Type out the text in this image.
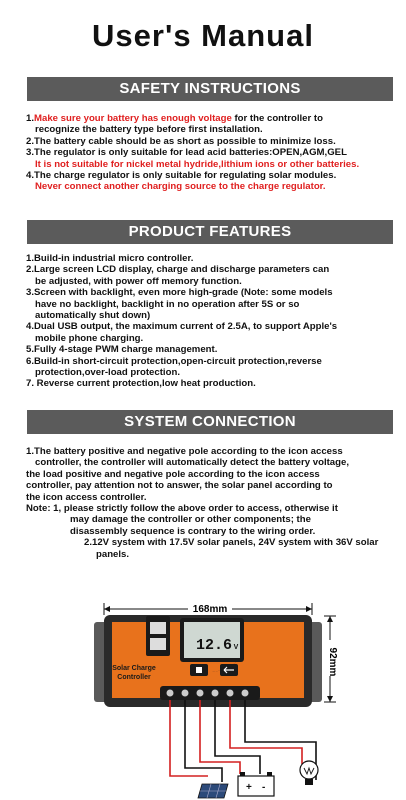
User's Manual
SAFETY INSTRUCTIONS

1.Make sure your battery has enough voltage for the controller to

recognize the battery type before first installation.

2.The battery cable should be as short as possible to minimize loss.

3.The regulator is only suitable for lead acid batteries:OPEN,AGM,GEL

It is not suitable for nickel metal hydride,lithium ions or other batteries.

4.The charge regulator is only suitable for regulating solar modules.

Never connect another charging source to the charge regulator.

PRODUCT FEATURES

1.Build-in industrial micro controller.

2.Large screen LCD display, charge and discharge parameters can

be adjusted, with power off memory function.

3.Screen with backlight, even more high-grade (Note: some models

have no backlight, backlight in no operation after 5S or so

automatically shut down)

4.Dual USB output, the maximum current of 2.5A, to support Apple's

mobile phone charging.

5.Fully 4-stage PWM charge management.

6.Build-in short-circuit protection,open-circuit protection,reverse

protection,over-load protection.

7. Reverse current protection,low heat production.

SYSTEM CONNECTION

1.The battery positive and negative pole according to the icon access

controller, the controller will automatically detect the battery voltage,

the load positive and negative pole according to the icon access

controller, pay attention not to answer, the solar panel according to

the icon access controller.

Note: 1, please strictly follow the above order to access, otherwise it

may damage the controller or other components; the

disassembly sequence is contrary to the wiring order.

2.12V system with 17.5V solar panels, 24V system with 36V solar

panels.

168mm
92mm
12.6 V
Solar Charge
Controller
+ -
